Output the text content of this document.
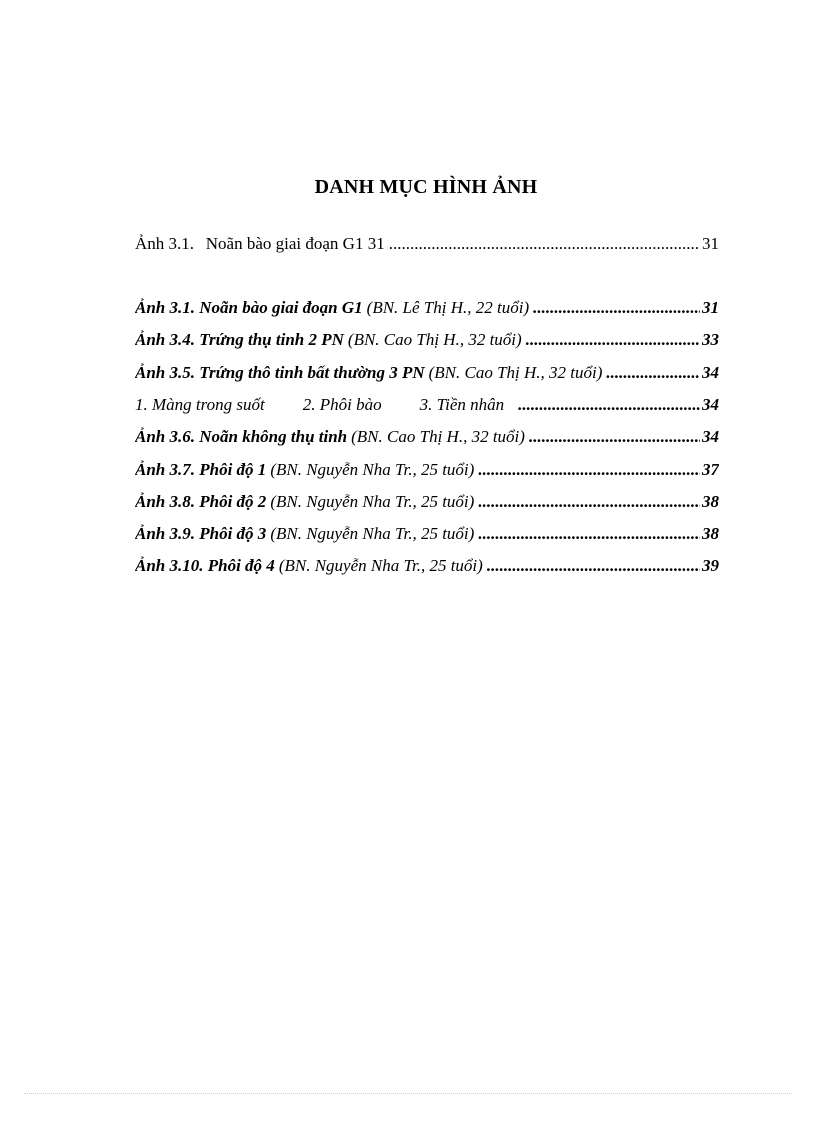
DANH MỤC HÌNH ẢNH
Ảnh 3.1. Noãn bào giai đoạn G1 31 .....	31
Ảnh 3.1. Noãn bào giai đoạn G1 (BN. Lê Thị H., 22 tuổi) .....	31
Ảnh 3.4. Trứng thụ tinh 2 PN (BN. Cao Thị H., 32 tuổi) .....	33
Ảnh 3.5. Trứng thô tinh bất thường 3 PN (BN. Cao Thị H., 32 tuổi) .....	34
1. Màng trong suốt 2. Phôi bào 3. Tiền nhân .....	34
Ảnh 3.6. Noãn không thụ tinh (BN. Cao Thị H., 32 tuổi) .....	34
Ảnh 3.7. Phôi độ 1 (BN. Nguyễn Nha Tr., 25 tuổi) .....	37
Ảnh 3.8. Phôi độ 2 (BN. Nguyễn Nha Tr., 25 tuổi) .....	38
Ảnh 3.9. Phôi độ 3 (BN. Nguyễn Nha Tr., 25 tuổi) .....	38
Ảnh 3.10. Phôi độ 4 (BN. Nguyễn Nha Tr., 25 tuổi) .....	39
